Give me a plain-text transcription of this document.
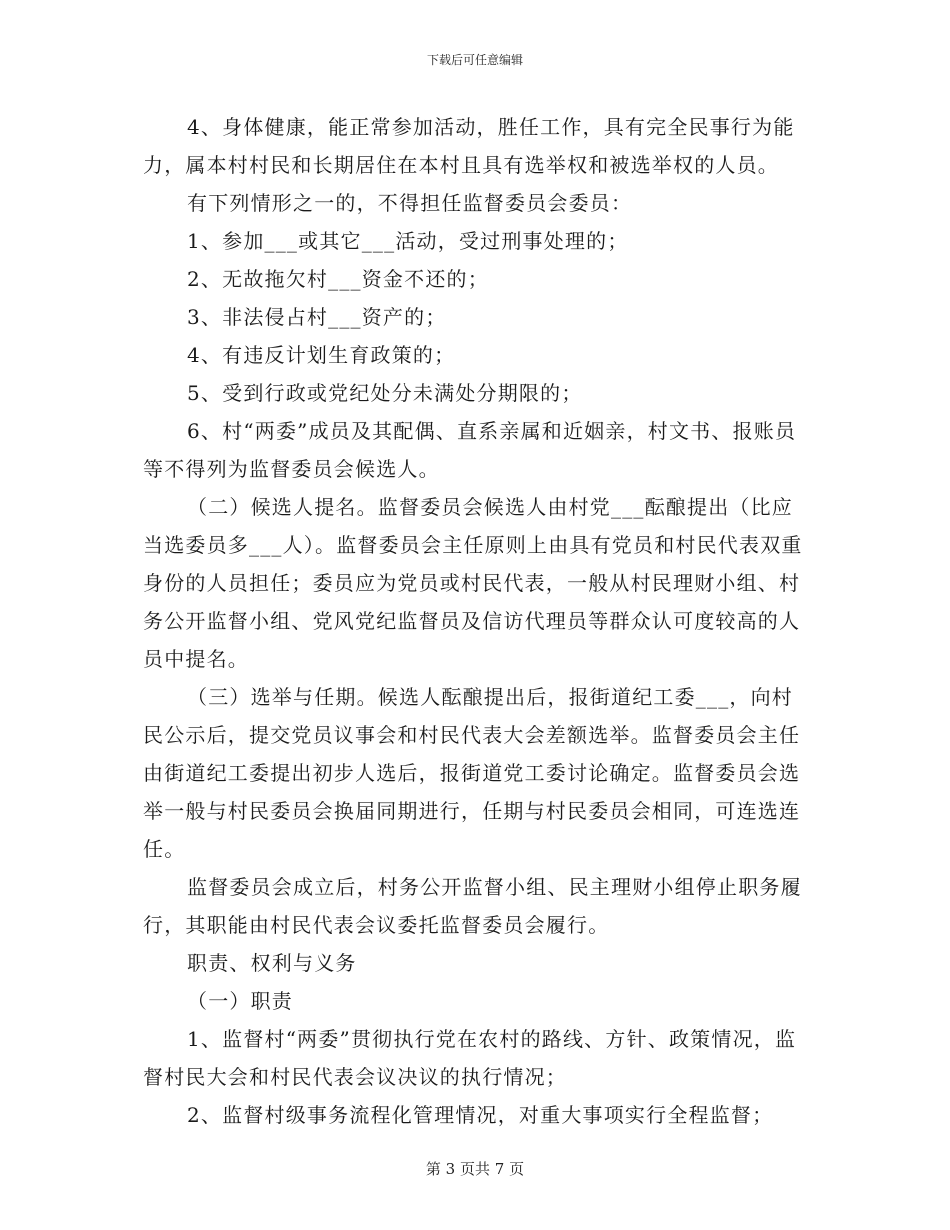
下载后可任意编辑

4、身体健康，能正常参加活动，胜任工作，具有完全民事行为能力，属本村村民和长期居住在本村且具有选举权和被选举权的人员。

有下列情形之一的，不得担任监督委员会委员：

1、参加___或其它___活动，受过刑事处理的；

2、无故拖欠村___资金不还的；

3、非法侵占村___资产的；

4、有违反计划生育政策的；

5、受到行政或党纪处分未满处分期限的；

6、村“两委”成员及其配偶、直系亲属和近姻亲，村文书、报账员等不得列为监督委员会候选人。

（二）候选人提名。监督委员会候选人由村党___酝酿提出（比应当选委员多___人）。监督委员会主任原则上由具有党员和村民代表双重身份的人员担任；委员应为党员或村民代表，一般从村民理财小组、村务公开监督小组、党风党纪监督员及信访代理员等群众认可度较高的人员中提名。

（三）选举与任期。候选人酝酿提出后，报街道纪工委___，向村民公示后，提交党员议事会和村民代表大会差额选举。监督委员会主任由街道纪工委提出初步人选后，报街道党工委讨论确定。监督委员会选举一般与村民委员会换届同期进行，任期与村民委员会相同，可连选连任。

监督委员会成立后，村务公开监督小组、民主理财小组停止职务履行，其职能由村民代表会议委托监督委员会履行。

职责、权利与义务

（一）职责

1、监督村“两委”贯彻执行党在农村的路线、方针、政策情况，监督村民大会和村民代表会议决议的执行情况；

2、监督村级事务流程化管理情况，对重大事项实行全程监督；

第 3 页共 7 页
